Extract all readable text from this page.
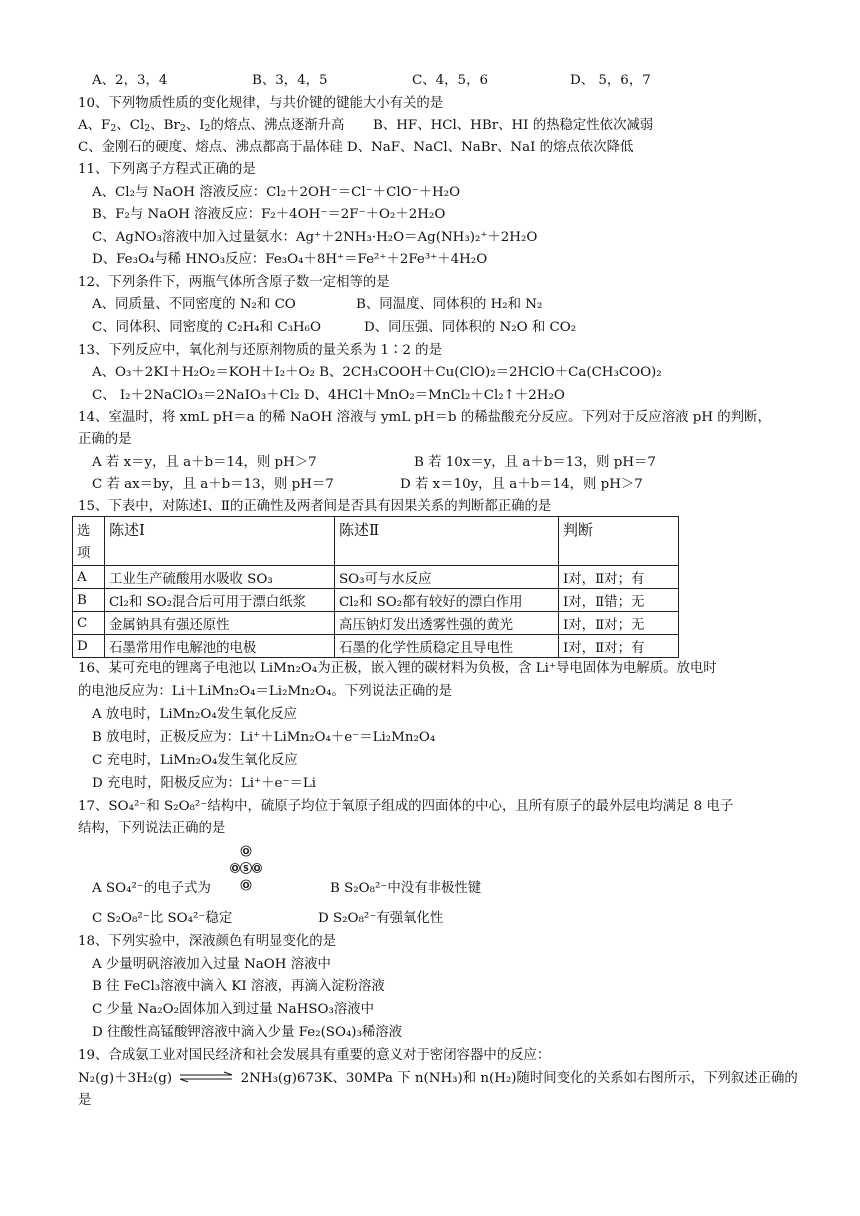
A、2，3，4	B、3，4，5	C、4，5，6	D、 5，6，7
10、下列物质性质的变化规律，与共价键的键能大小有关的是
A、$F_2$、$Cl_2$、$Br_2$、$I_2$的熔点、沸点逐渐升高 B、HF、HCl、HBr、HI 的热稳定性依次减弱
C、金刚石的硬度、熔点、沸点都高于晶体硅 D、NaF、NaCl、NaBr、NaI 的熔点依次降低
11、下列离子方程式正确的是
A、Cl₂与 NaOH 溶液反应：Cl₂＋2OH⁻＝Cl⁻＋ClO⁻＋H₂O
B、F₂与 NaOH 溶液反应：F₂＋4OH⁻＝2F⁻＋O₂＋2H₂O
C、AgNO₃溶液中加入过量氨水：Ag⁺＋2NH₃·H₂O＝Ag(NH₃)₂⁺＋2H₂O
D、Fe₃O₄与稀 HNO₃反应：Fe₃O₄＋8H⁺＝Fe²⁺＋2Fe³⁺＋4H₂O
12、下列条件下，两瓶气体所含原子数一定相等的是
A、同质量、不同密度的 N₂和 CO	B、同温度、同体积的 H₂和 N₂
C、同体积、同密度的 C₂H₄和 C₃H₆O	D、同压强、同体积的 N₂O 和 CO₂
13、下列反应中，氧化剂与还原剂物质的量关系为 1∶2 的是
A、O₃＋2KI＋H₂O₂＝KOH＋I₂＋O₂ B、2CH₃COOH＋Cu(ClO)₂＝2HClO＋Ca(CH₃COO)₂
C、 I₂＋2NaClO₃＝2NaIO₃＋Cl₂ D、4HCl＋MnO₂＝MnCl₂＋Cl₂↑＋2H₂O
14、室温时，将 xmL pH＝a 的稀 NaOH 溶液与 ymL pH＝b 的稀盐酸充分反应。下列对于反应溶液 pH 的判断，
正确的是
A 若 x＝y，且 a＋b＝14，则 pH＞7	B 若 10x＝y，且 a＋b＝13，则 pH＝7
C 若 ax＝by，且 a＋b＝13，则 pH＝7	D 若 x＝10y，且 a＋b＝14，则 pH＞7
15、下表中，对陈述Ⅰ、Ⅱ的正确性及两者间是否具有因果关系的判断都正确的是
选项	陈述Ⅰ	陈述Ⅱ	判断
A	工业生产硫酸用水吸收 SO₃	SO₃可与水反应	Ⅰ对，Ⅱ对；有
B	Cl₂和 SO₂混合后可用于漂白纸浆	Cl₂和 SO₂都有较好的漂白作用	Ⅰ对，Ⅱ错；无
C	金属钠具有强还原性	高压钠灯发出透雾性强的黄光	Ⅰ对，Ⅱ对；无
D	石墨常用作电解池的电极	石墨的化学性质稳定且导电性	Ⅰ对，Ⅱ对；有
16、某可充电的锂离子电池以 LiMn₂O₄为正极，嵌入锂的碳材料为负极，含 Li⁺导电固体为电解质。放电时
的电池反应为：Li＋LiMn₂O₄＝Li₂Mn₂O₄。下列说法正确的是
A 放电时，LiMn₂O₄发生氧化反应
B 放电时，正极反应为：Li⁺＋LiMn₂O₄＋e⁻＝Li₂Mn₂O₄
C 充电时，LiMn₂O₄发生氧化反应
D 充电时，阳极反应为：Li⁺＋e⁻＝Li
17、SO₄²⁻和 S₂O₈²⁻结构中，硫原子均位于氧原子组成的四面体的中心，且所有原子的最外层电均满足 8 电子
结构，下列说法正确的是
A SO₄²⁻的电子式为
O
O S O
O	B S₂O₈²⁻中没有非极性键
C S₂O₈²⁻比 SO₄²⁻稳定	D S₂O₈²⁻有强氧化性
18、下列实验中，深液颜色有明显变化的是
A 少量明矾溶液加入过量 NaOH 溶液中
B 往 FeCl₃溶液中滴入 KI 溶液，再滴入淀粉溶液
C 少量 Na₂O₂固体加入到过量 NaHSO₃溶液中
D 往酸性高锰酸钾溶液中滴入少量 Fe₂(SO₄)₃稀溶液
19、合成氨工业对国民经济和社会发展具有重要的意义对于密闭容器中的反应：
N₂(g)＋3H₂(g)	2NH₃(g)673K、30MPa 下 n(NH₃)和 n(H₂)随时间变化的关系如右图所示，下列叙述正确的
是
